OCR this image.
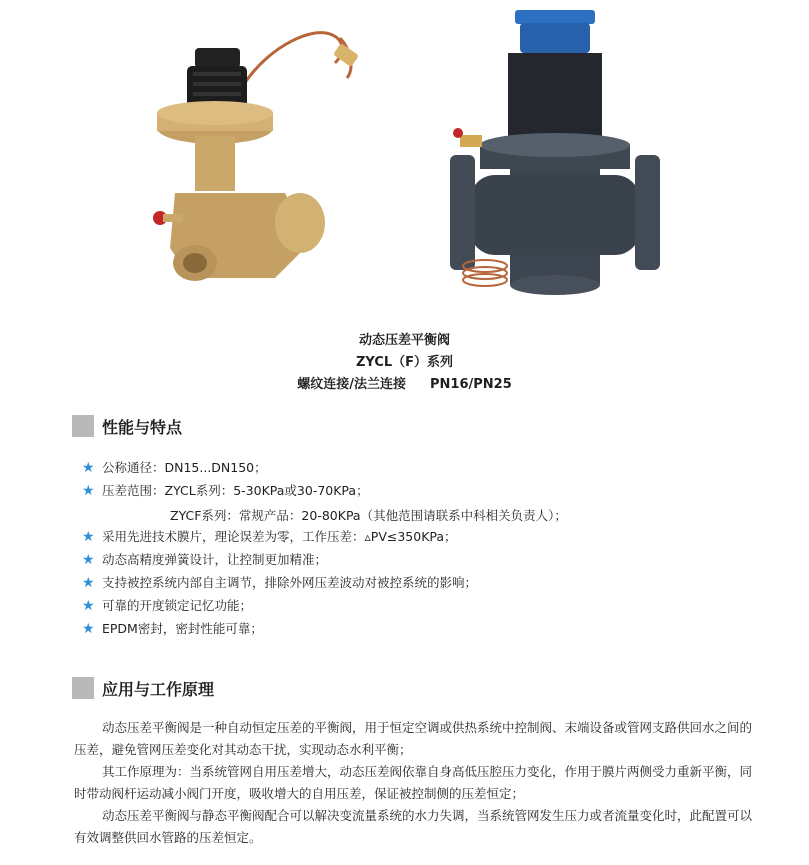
动态压差平衡阀
ZYCL（F）系列
螺纹连接/法兰连接 PN16/PN25
性能与特点
★ 公称通径：DN15...DN150；
★ 压差范围：ZYCL系列：5-30KPa或30-70KPa；
ZYCF系列：常规产品：20-80KPa（其他范围请联系中科相关负责人）；
★ 采用先进技术膜片，理论误差为零，工作压差：▵PV≤350KPa；
★ 动态高精度弹簧设计，让控制更加精准；
★ 支持被控系统内部自主调节，排除外网压差波动对被控系统的影响；
★ 可靠的开度锁定记忆功能；
★ EPDM密封，密封性能可靠；
应用与工作原理

动态压差平衡阀是一种自动恒定压差的平衡阀，用于恒定空调或供热系统中控制阀、末端设备或管网支路供回水之间的压差，避免管网压差变化对其动态干扰，实现动态水利平衡；

其工作原理为：当系统管网自用压差增大，动态压差阀依靠自身高低压腔压力变化，作用于膜片两侧受力重新平衡，同时带动阀杆运动减小阀门开度，吸收增大的自用压差，保证被控制侧的压差恒定；

动态压差平衡阀与静态平衡阀配合可以解决变流量系统的水力失调，当系统管网发生压力或者流量变化时，此配置可以有效调整供回水管路的压差恒定。
